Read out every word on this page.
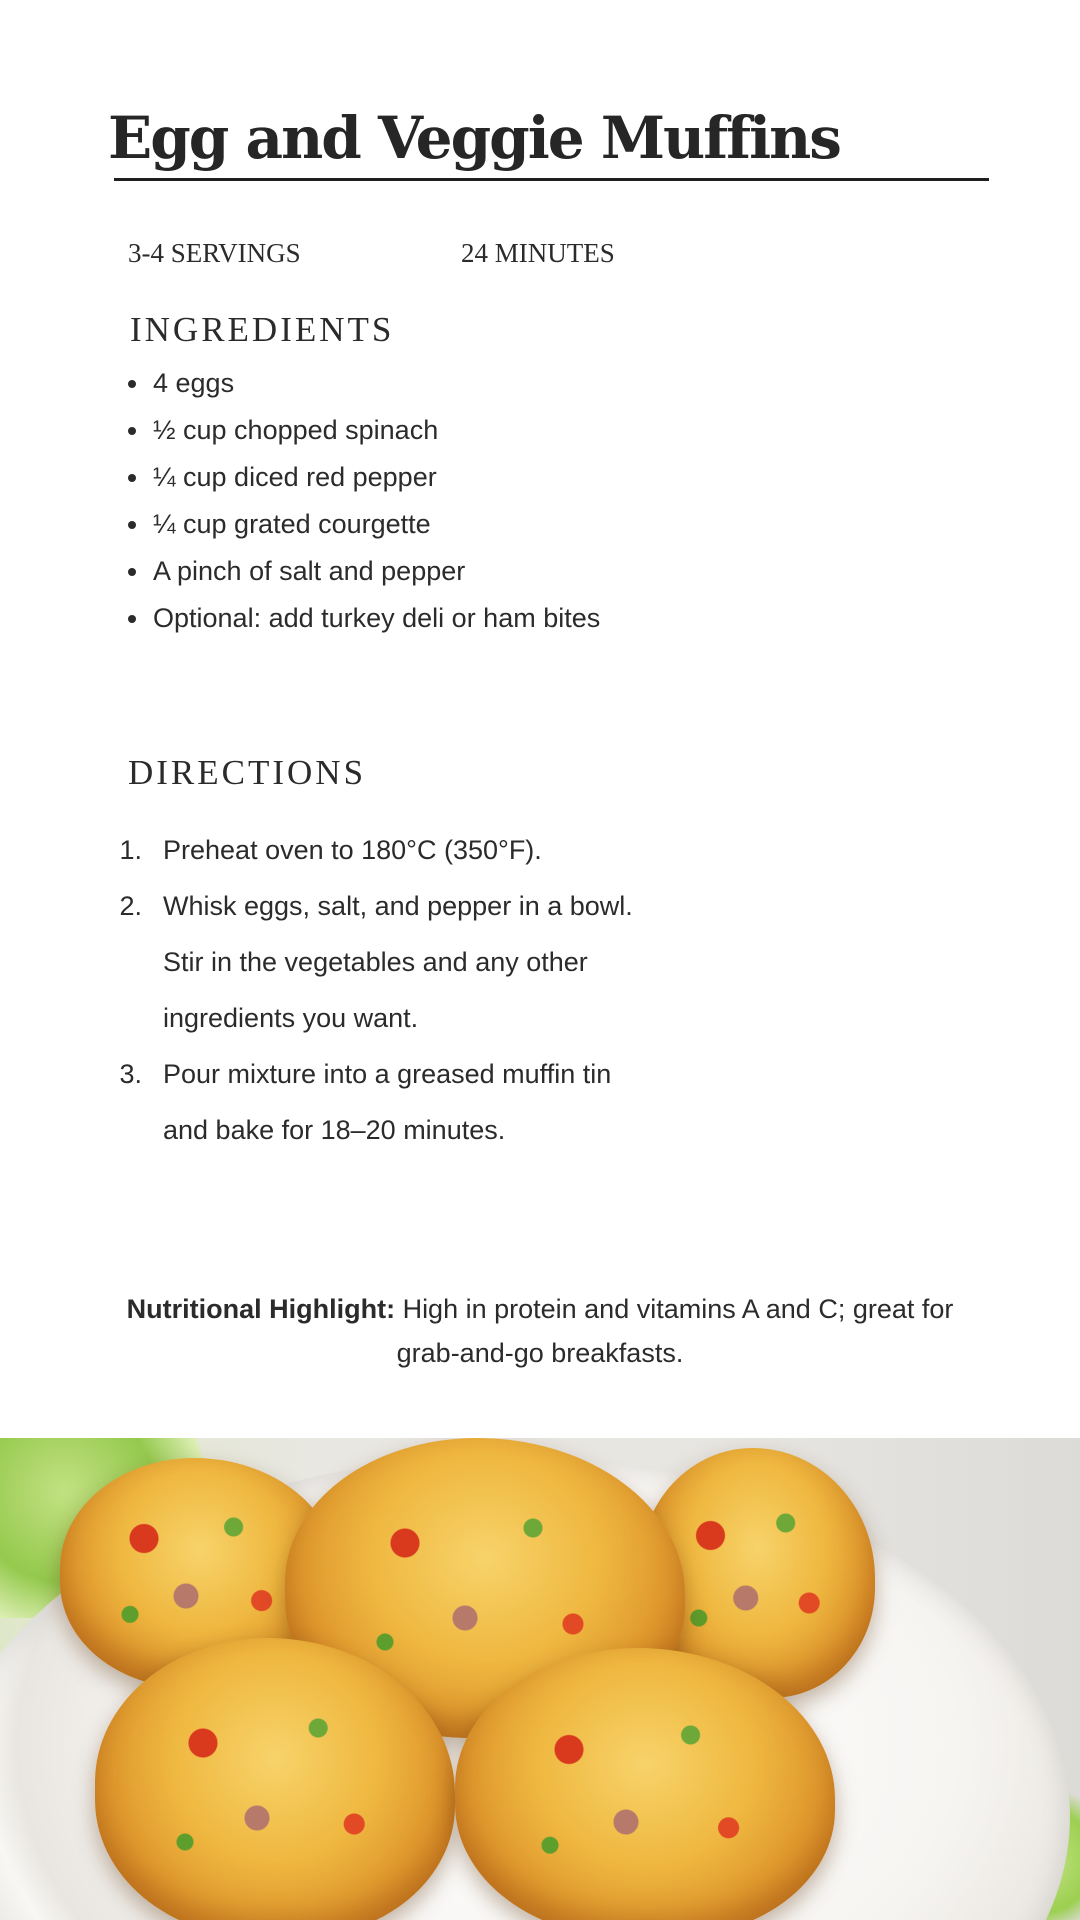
Egg and Veggie Muffins
3-4 SERVINGS	24 MINUTES
INGREDIENTS
4 eggs
½ cup chopped spinach
¼ cup diced red pepper
¼ cup grated courgette
A pinch of salt and pepper
Optional: add turkey deli or ham bites
DIRECTIONS
1. Preheat oven to 180°C (350°F).
2. Whisk eggs, salt, and pepper in a bowl. Stir in the vegetables and any other ingredients you want.
3. Pour mixture into a greased muffin tin and bake for 18–20 minutes.

Nutritional Highlight: High in protein and vitamins A and C; great for grab-and-go breakfasts.
